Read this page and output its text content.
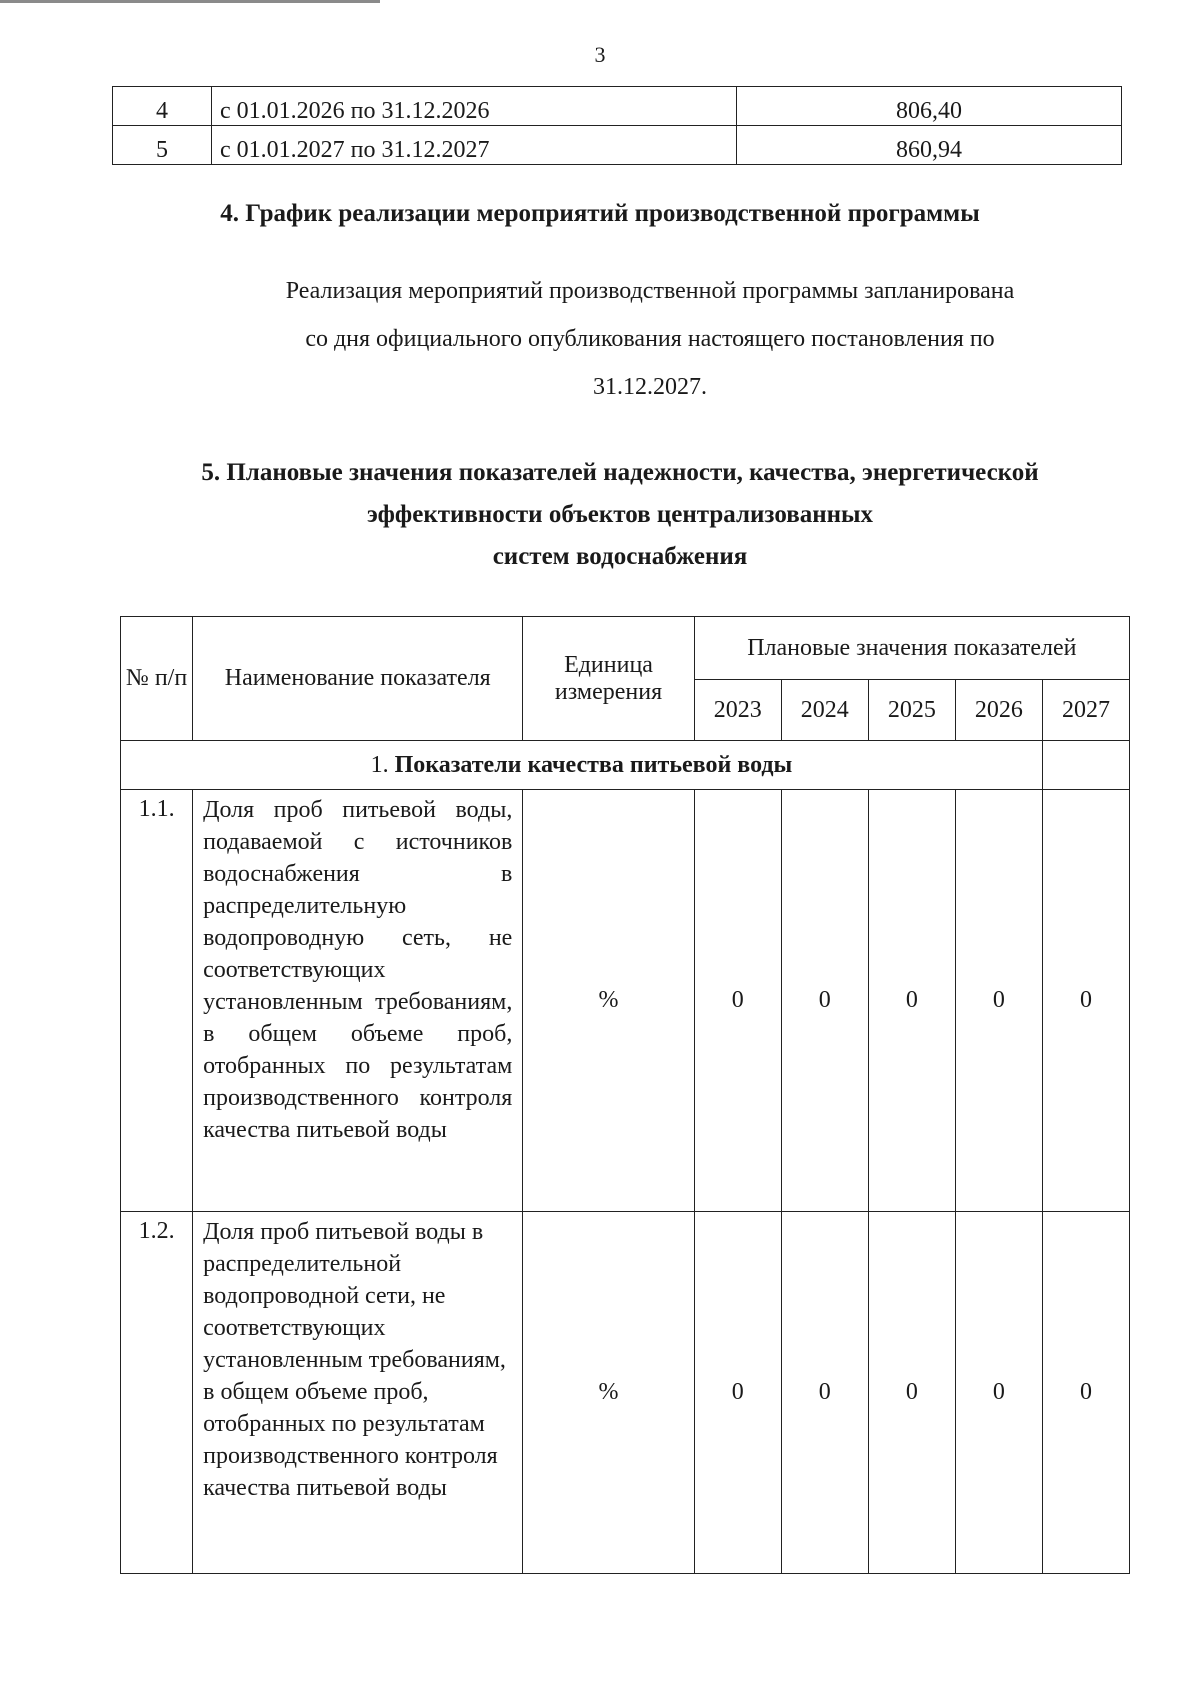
3
4	с 01.01.2026 по 31.12.2026	806,40
5	с 01.01.2027 по 31.12.2027	860,94
4. График реализации мероприятий производственной программы
Реализация мероприятий производственной программы запланирована
со дня официального опубликования настоящего постановления по
31.12.2027.
5. Плановые значения показателей надежности, качества, энергетической
эффективности объектов централизованных
систем водоснабжения
№ п/п	Наименование показателя	Единица измерения	Плановые значения показателей				
			2023	2024	2025	2026	2027
1. Показатели качества питьевой воды							
1.1.	Доля проб питьевой воды, подаваемой с источников водоснабжения в распределительную водопроводную сеть, не соответствующих установленным требованиям, в общем объеме проб, отобранных по результатам производственного контроля качества питьевой воды	%	0	0	0	0	0
1.2.	Доля проб питьевой воды в распределительной водопроводной сети, не соответствующих установленным требованиям, в общем объеме проб, отобранных по результатам производственного контроля качества питьевой воды	%	0	0	0	0	0
